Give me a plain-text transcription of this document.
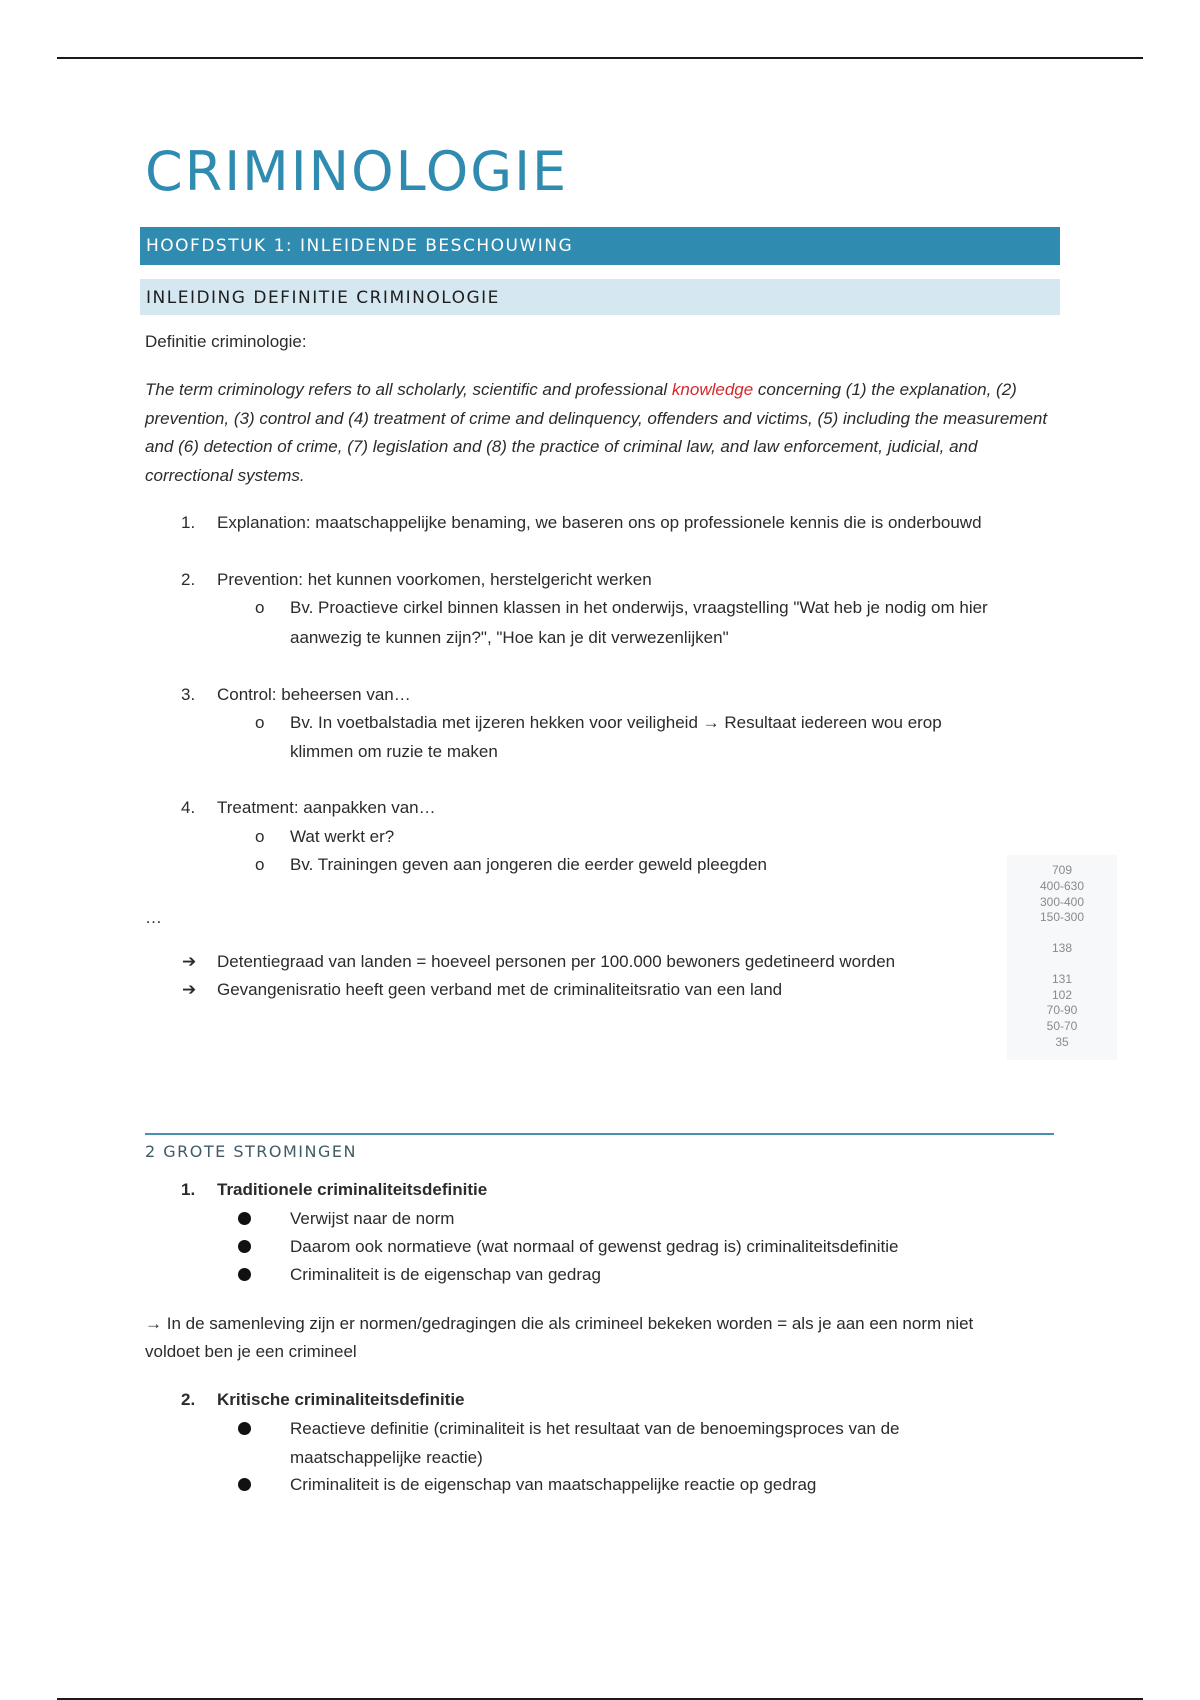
CRIMINOLOGIE
HOOFDSTUK 1: INLEIDENDE BESCHOUWING
INLEIDING DEFINITIE CRIMINOLOGIE
Definitie criminologie:
The term criminology refers to all scholarly, scientific and professional knowledge concerning (1) the explanation, (2) prevention, (3) control and (4) treatment of crime and delinquency, offenders and victims, (5) including the measurement and (6) detection of crime, (7) legislation and (8) the practice of criminal law, and law enforcement, judicial, and correctional systems.
1. Explanation: maatschappelijke benaming, we baseren ons op professionele kennis die is onderbouwd
2. Prevention: het kunnen voorkomen, herstelgericht werken
o Bv. Proactieve cirkel binnen klassen in het onderwijs, vraagstelling "Wat heb je nodig om hier
aanwezig te kunnen zijn?", "Hoe kan je dit verwezenlijken"
3. Control: beheersen van…
o Bv. In voetbalstadia met ijzeren hekken voor veiligheid → Resultaat iedereen wou erop
klimmen om ruzie te maken
4. Treatment: aanpakken van…
o Wat werkt er?
o Bv. Trainingen geven aan jongeren die eerder geweld pleegden
…
➔ Detentiegraad van landen = hoeveel personen per 100.000 bewoners gedetineerd worden
➔ Gevangenisratio heeft geen verband met de criminaliteitsratio van een land
709
400-630
300-400
150-300
138
131
102
70-90
50-70
35
2 GROTE STROMINGEN
1. Traditionele criminaliteitsdefinitie
Verwijst naar de norm
Daarom ook normatieve (wat normaal of gewenst gedrag is) criminaliteitsdefinitie
Criminaliteit is de eigenschap van gedrag
→ In de samenleving zijn er normen/gedragingen die als crimineel bekeken worden = als je aan een norm niet
voldoet ben je een crimineel
2. Kritische criminaliteitsdefinitie
Reactieve definitie (criminaliteit is het resultaat van de benoemingsproces van de
maatschappelijke reactie)
Criminaliteit is de eigenschap van maatschappelijke reactie op gedrag
